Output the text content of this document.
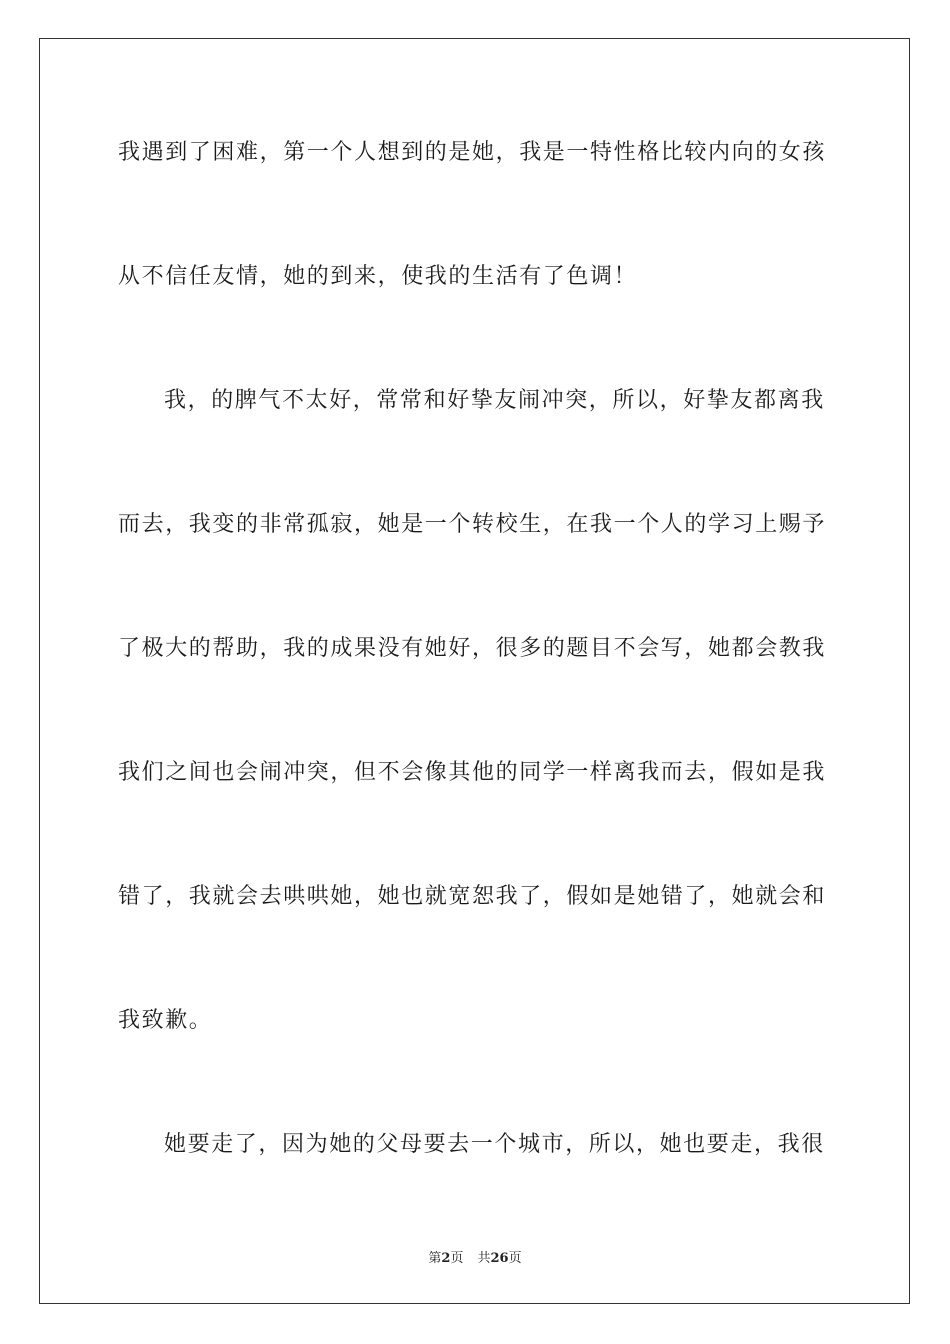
我遇到了困难，第一个人想到的是她，我是一特性格比较内向的女孩
从不信任友情，她的到来，使我的生活有了色调！
我，的脾气不太好，常常和好挚友闹冲突，所以，好挚友都离我
而去，我变的非常孤寂，她是一个转校生，在我一个人的学习上赐予
了极大的帮助，我的成果没有她好，很多的题目不会写，她都会教我
我们之间也会闹冲突，但不会像其他的同学一样离我而去，假如是我
错了，我就会去哄哄她，她也就宽恕我了，假如是她错了，她就会和
我致歉。
她要走了，因为她的父母要去一个城市，所以，她也要走，我很
第2页 共26页
